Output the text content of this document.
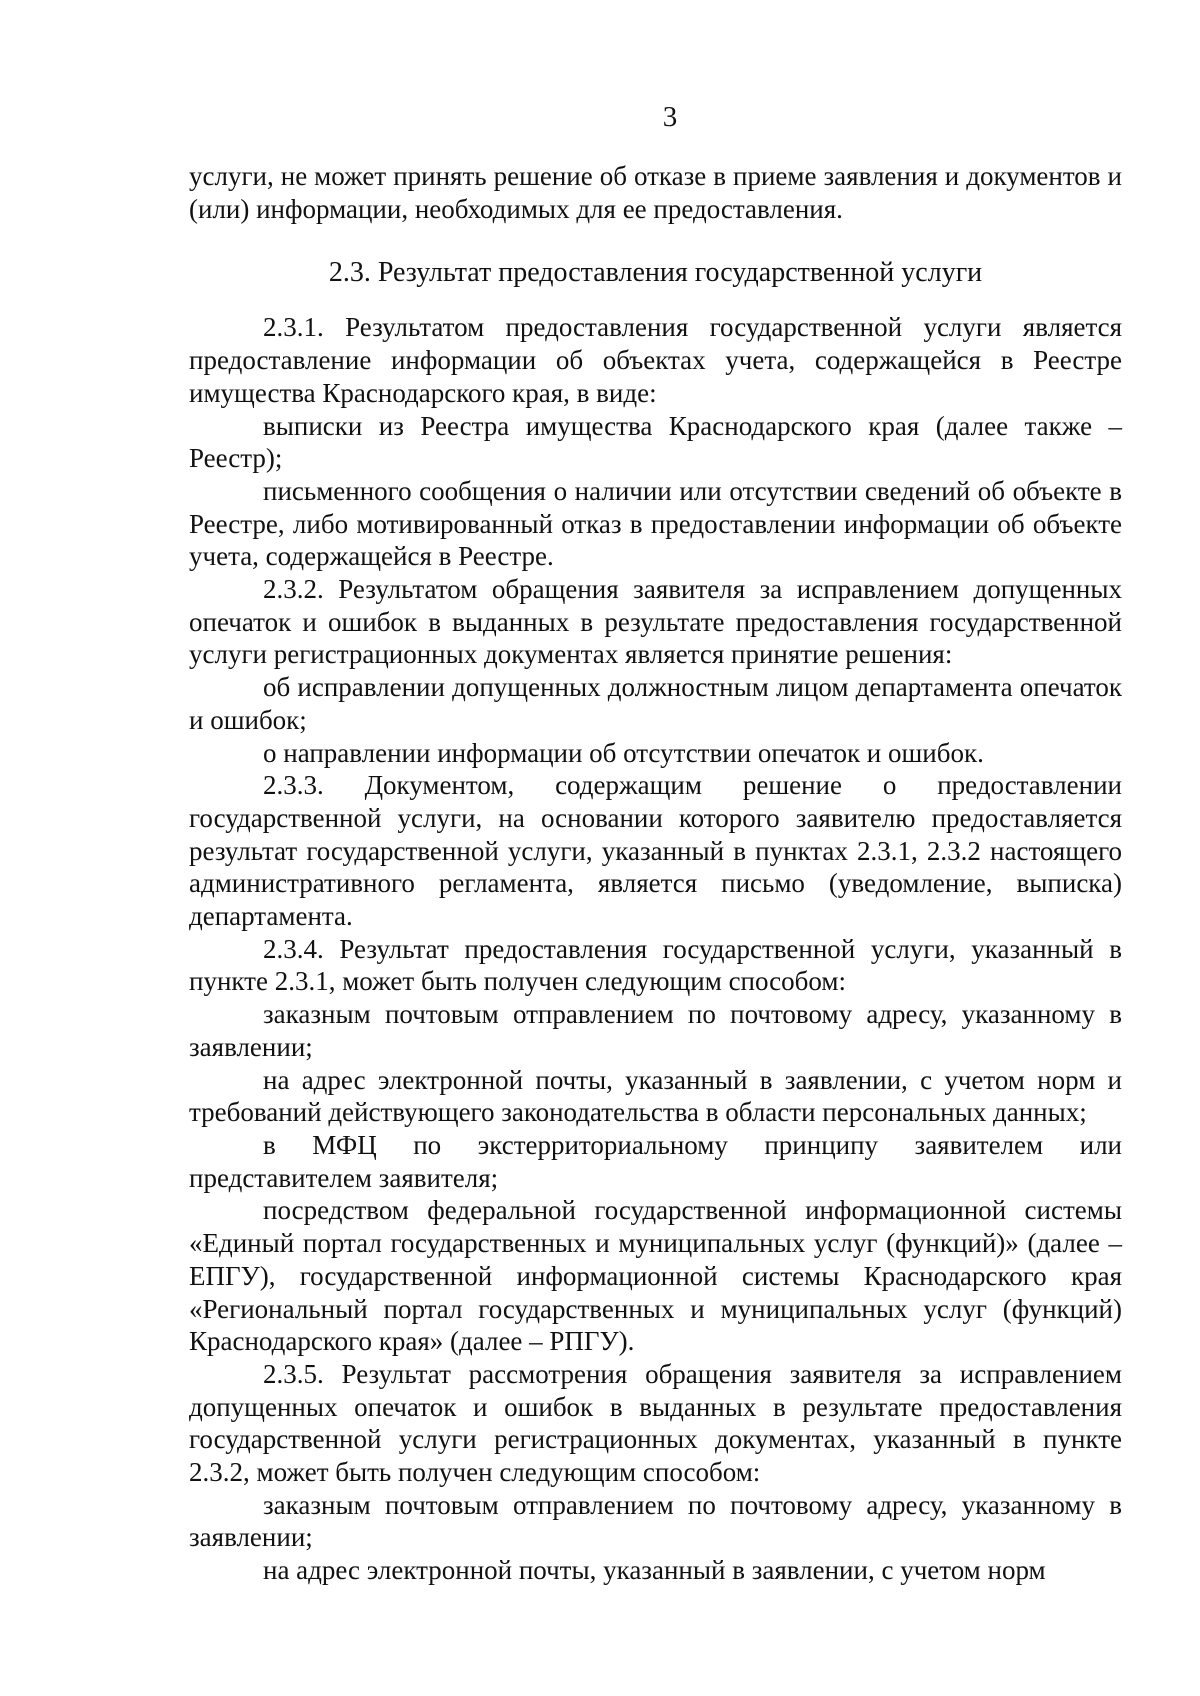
3

услуги, не может принять решение об отказе в приеме заявления и документов и (или) информации, необходимых для ее предоставления.

2.3. Результат предоставления государственной услуги

2.3.1. Результатом предоставления государственной услуги является предоставление информации об объектах учета, содержащейся в Реестре имущества Краснодарского края, в виде:

выписки из Реестра имущества Краснодарского края (далее также – Реестр);

письменного сообщения о наличии или отсутствии сведений об объекте в Реестре, либо мотивированный отказ в предоставлении информации об объекте учета, содержащейся в Реестре.

2.3.2. Результатом обращения заявителя за исправлением допущенных опечаток и ошибок в выданных в результате предоставления государственной услуги регистрационных документах является принятие решения:

об исправлении допущенных должностным лицом департамента опечаток и ошибок;

о направлении информации об отсутствии опечаток и ошибок.

2.3.3. Документом, содержащим решение о предоставлении государственной услуги, на основании которого заявителю предоставляется результат государственной услуги, указанный в пунктах 2.3.1, 2.3.2 настоящего административного регламента, является письмо (уведомление, выписка) департамента.

2.3.4. Результат предоставления государственной услуги, указанный в пункте 2.3.1, может быть получен следующим способом:

заказным почтовым отправлением по почтовому адресу, указанному в заявлении;

на адрес электронной почты, указанный в заявлении, с учетом норм и требований действующего законодательства в области персональных данных;

в МФЦ по экстерриториальному принципу заявителем или представителем заявителя;

посредством федеральной государственной информационной системы «Единый портал государственных и муниципальных услуг (функций)» (далее – ЕПГУ), государственной информационной системы Краснодарского края «Региональный портал государственных и муниципальных услуг (функций) Краснодарского края» (далее – РПГУ).

2.3.5. Результат рассмотрения обращения заявителя за исправлением допущенных опечаток и ошибок в выданных в результате предоставления государственной услуги регистрационных документах, указанный в пункте 2.3.2, может быть получен следующим способом:

заказным почтовым отправлением по почтовому адресу, указанному в заявлении;

на адрес электронной почты, указанный в заявлении, с учетом норм
